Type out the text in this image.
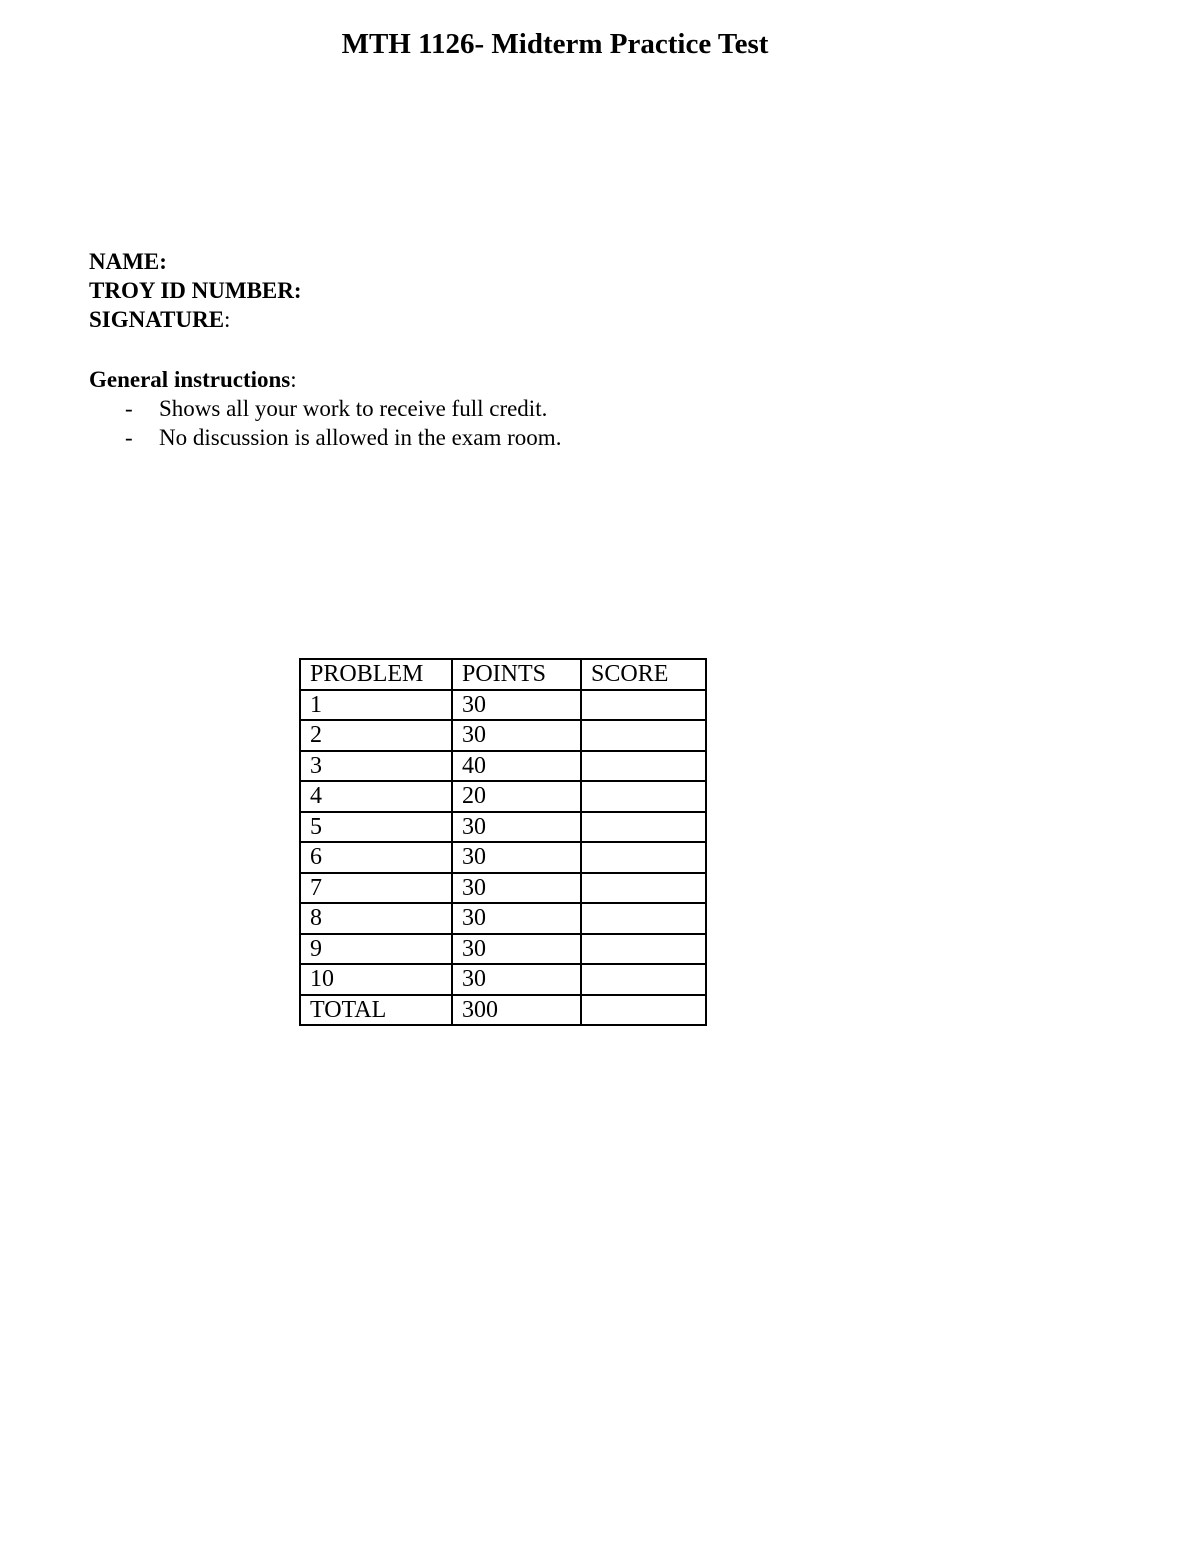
MTH 1126- Midterm Practice Test
NAME:
TROY ID NUMBER:
SIGNATURE:
General instructions:
- Shows all your work to receive full credit.
- No discussion is allowed in the exam room.
PROBLEM	POINTS	SCORE
1	30	
2	30	
3	40	
4	20	
5	30	
6	30	
7	30	
8	30	
9	30	
10	30	
TOTAL	300	
